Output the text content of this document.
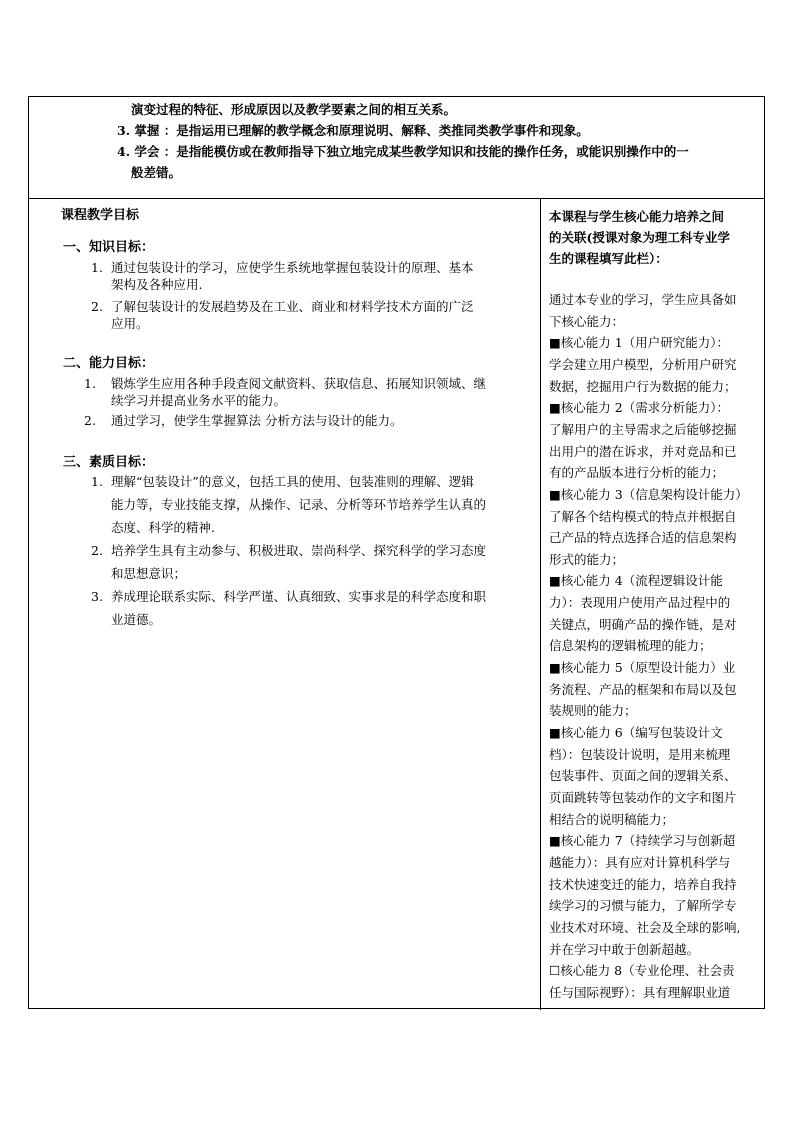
演变过程的特征、形成原因以及教学要素之间的相互关系。
3. 掌握 ：是指运用已理解的教学概念和原理说明、解释、类推同类教学事件和现象。
4. 学会 ：是指能模仿或在教师指导下独立地完成某些教学知识和技能的操作任务，或能识别操作中的一
般差错。
课程教学目标
一、知识目标：
1. 通过包装设计的学习，应使学生系统地掌握包装设计的原理、基本
架构及各种应用.
2. 了解包装设计的发展趋势及在工业、商业和材料学技术方面的广泛
应用。
二、能力目标：
1. 锻炼学生应用各种手段查阅文献资料、获取信息、拓展知识领域、继
续学习并提高业务水平的能力。
2. 通过学习，使学生掌握算法 分析方法与设计的能力。
三、素质目标：
1. 理解“包装设计”的意义，包括工具的使用、包装准则的理解、逻辑
能力等，专业技能支撑，从操作、记录、分析等环节培养学生认真的
态度、科学的精神.
2. 培养学生具有主动参与、积极进取、崇尚科学、探究科学的学习态度
和思想意识；
3. 养成理论联系实际、科学严谨、认真细致、实事求是的科学态度和职
业道德。
本课程与学生核心能力培养之间
的关联(授课对象为理工科专业学
生的课程填写此栏）：
通过本专业的学习，学生应具备如
下核心能力：
■核心能力 1（用户研究能力）：
学会建立用户模型，分析用户研究
数据，挖掘用户行为数据的能力；
■核心能力 2（需求分析能力）：
了解用户的主导需求之后能够挖掘
出用户的潜在诉求，并对竞品和已
有的产品版本进行分析的能力；
■核心能力 3（信息架构设计能力）
了解各个结构模式的特点并根据自
己产品的特点选择合适的信息架构
形式的能力；
■核心能力 4（流程逻辑设计能
力）：表现用户使用产品过程中的
关键点，明确产品的操作链，是对
信息架构的逻辑梳理的能力；
■核心能力 5（原型设计能力）业
务流程、产品的框架和布局以及包
装规则的能力；
■核心能力 6（编写包装设计文
档）：包装设计说明，是用来梳理
包装事件、页面之间的逻辑关系、
页面跳转等包装动作的文字和图片
相结合的说明稿能力；
■核心能力 7（持续学习与创新超
越能力）：具有应对计算机科学与
技术快速变迁的能力，培养自我持
续学习的习惯与能力，了解所学专
业技术对环境、社会及全球的影响,
并在学习中敢于创新超越。
☐核心能力 8（专业伦理、社会责
任与国际视野）：具有理解职业道
